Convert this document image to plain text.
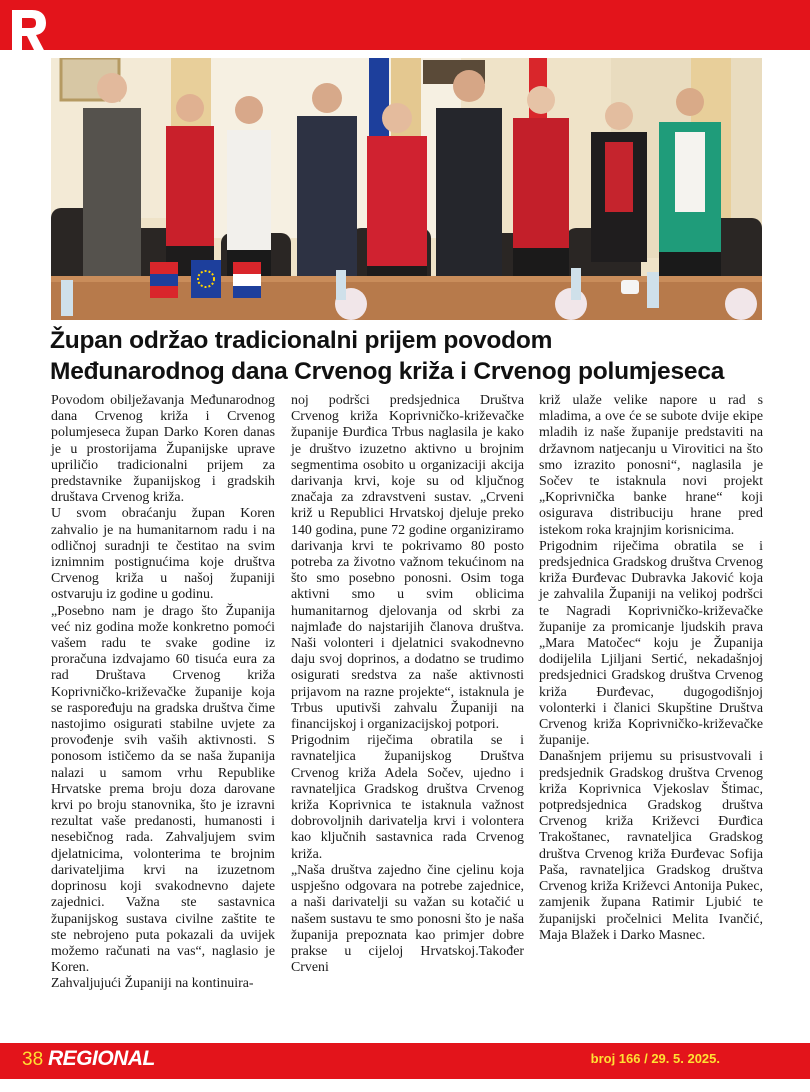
Župan održao tradicionalni prijem povodom
Međunarodnog dana Crvenog križa i Crvenog polumjeseca

Povodom obilježavanja Međunarodnog dana Crvenog križa i Crvenog polumjeseca župan Darko Koren danas je u prostorijama Županijske uprave upriličio tradicionalni prijem za predstavnike županijskog i gradskih društava Crvenog križa.

U svom obraćanju župan Koren zahvalio je na humanitarnom radu i na odličnoj suradnji te čestitao na svim iznimnim postignućima koje društva Crvenog križa u našoj županiji ostvaruju iz godine u godinu.

„Posebno nam je drago što Županija već niz godina može konkretno pomoći vašem radu te svake godine iz proračuna izdvajamo 60 tisuća eura za rad Društava Crvenog križa Koprivničko-križevačke županije koja se raspoređuju na gradska društva čime nastojimo osigurati stabilne uvjete za provođenje svih vaših aktivnosti. S ponosom ističemo da se naša županija nalazi u samom vrhu Republike Hrvatske prema broju doza darovane krvi po broju stanovnika, što je izravni rezultat vaše predanosti, humanosti i nesebičnog rada. Zahvaljujem svim djelatnicima, volonterima te brojnim darivateljima krvi na izuzetnom doprinosu koji svakodnevno dajete zajednici. Važna ste sastavnica županijskog sustava civilne zaštite te ste nebrojeno puta pokazali da uvijek možemo računati na vas“, naglasio je Koren.

Zahvaljujući Županiji na kontinuira-

noj podršci predsjednica Društva Crvenog križa Koprivničko-križevačke županije Đurđica Trbus naglasila je kako je društvo izuzetno aktivno u brojnim segmentima osobito u organizaciji akcija darivanja krvi, koje su od ključnog značaja za zdravstveni sustav. „Crveni križ u Republici Hrvatskoj djeluje preko 140 godina, pune 72 godine organiziramo darivanja krvi te pokrivamo 80 posto potreba za životno važnom tekućinom na što smo posebno ponosni. Osim toga aktivni smo u svim oblicima humanitarnog djelovanja od skrbi za najmlađe do najstarijih članova društva. Naši volonteri i djelatnici svakodnevno daju svoj doprinos, a dodatno se trudimo osigurati sredstva za naše aktivnosti prijavom na razne projekte“, istaknula je Trbus uputivši zahvalu Županiji na financijskoj i organizacijskoj potpori.

Prigodnim riječima obratila se i ravnateljica županijskog Društva Crvenog križa Adela Sočev, ujedno i ravnateljica Gradskog društva Crvenog križa Koprivnica te istaknula važnost dobrovoljnih darivatelja krvi i volontera kao ključnih sastavnica rada Crvenog križa.

„Naša društva zajedno čine cjelinu koja uspješno odgovara na potrebe zajednice, a naši darivatelji su važan su kotačić u našem sustavu te smo ponosni što je naša županija prepoznata kao primjer dobre prakse u cijeloj Hrvatskoj.Također Crveni

križ ulaže velike napore u rad s mladima, a ove će se subote dvije ekipe mladih iz naše županije predstaviti na državnom natjecanju u Virovitici na što smo izrazito ponosni“, naglasila je Sočev te istaknula novi projekt „Koprivnička banke hrane“ koji osigurava distribuciju hrane pred istekom roka krajnjim korisnicima.

Prigodnim riječima obratila se i predsjednica Gradskog društva Crvenog križa Đurđevac Dubravka Jaković koja je zahvalila Županiji na velikoj podršci te Nagradi Koprivničko-križevačke županije za promicanje ljudskih prava „Mara Matočec“ koju je Županija dodijelila Ljiljani Sertić, nekadašnjoj predsjednici Gradskog društva Crvenog križa Đurđevac, dugogodišnjoj volonterki i članici Skupštine Društva Crvenog križa Koprivničko-križevačke županije.

Današnjem prijemu su prisustvovali i predsjednik Gradskog društva Crvenog križa Koprivnica Vjekoslav Štimac, potpredsjednica Gradskog društva Crvenog križa Križevci Đurđica Trakoštanec, ravnateljica Gradskog društva Crvenog križa Đurđevac Sofija Paša, ravnateljica Gradskog društva Crvenog križa Križevci Antonija Pukec, zamjenik župana Ratimir Ljubić te županijski pročelnici Melita Ivančić, Maja Blažek i Darko Masnec.

38 REGIONAL	broj 166 / 29. 5. 2025.
